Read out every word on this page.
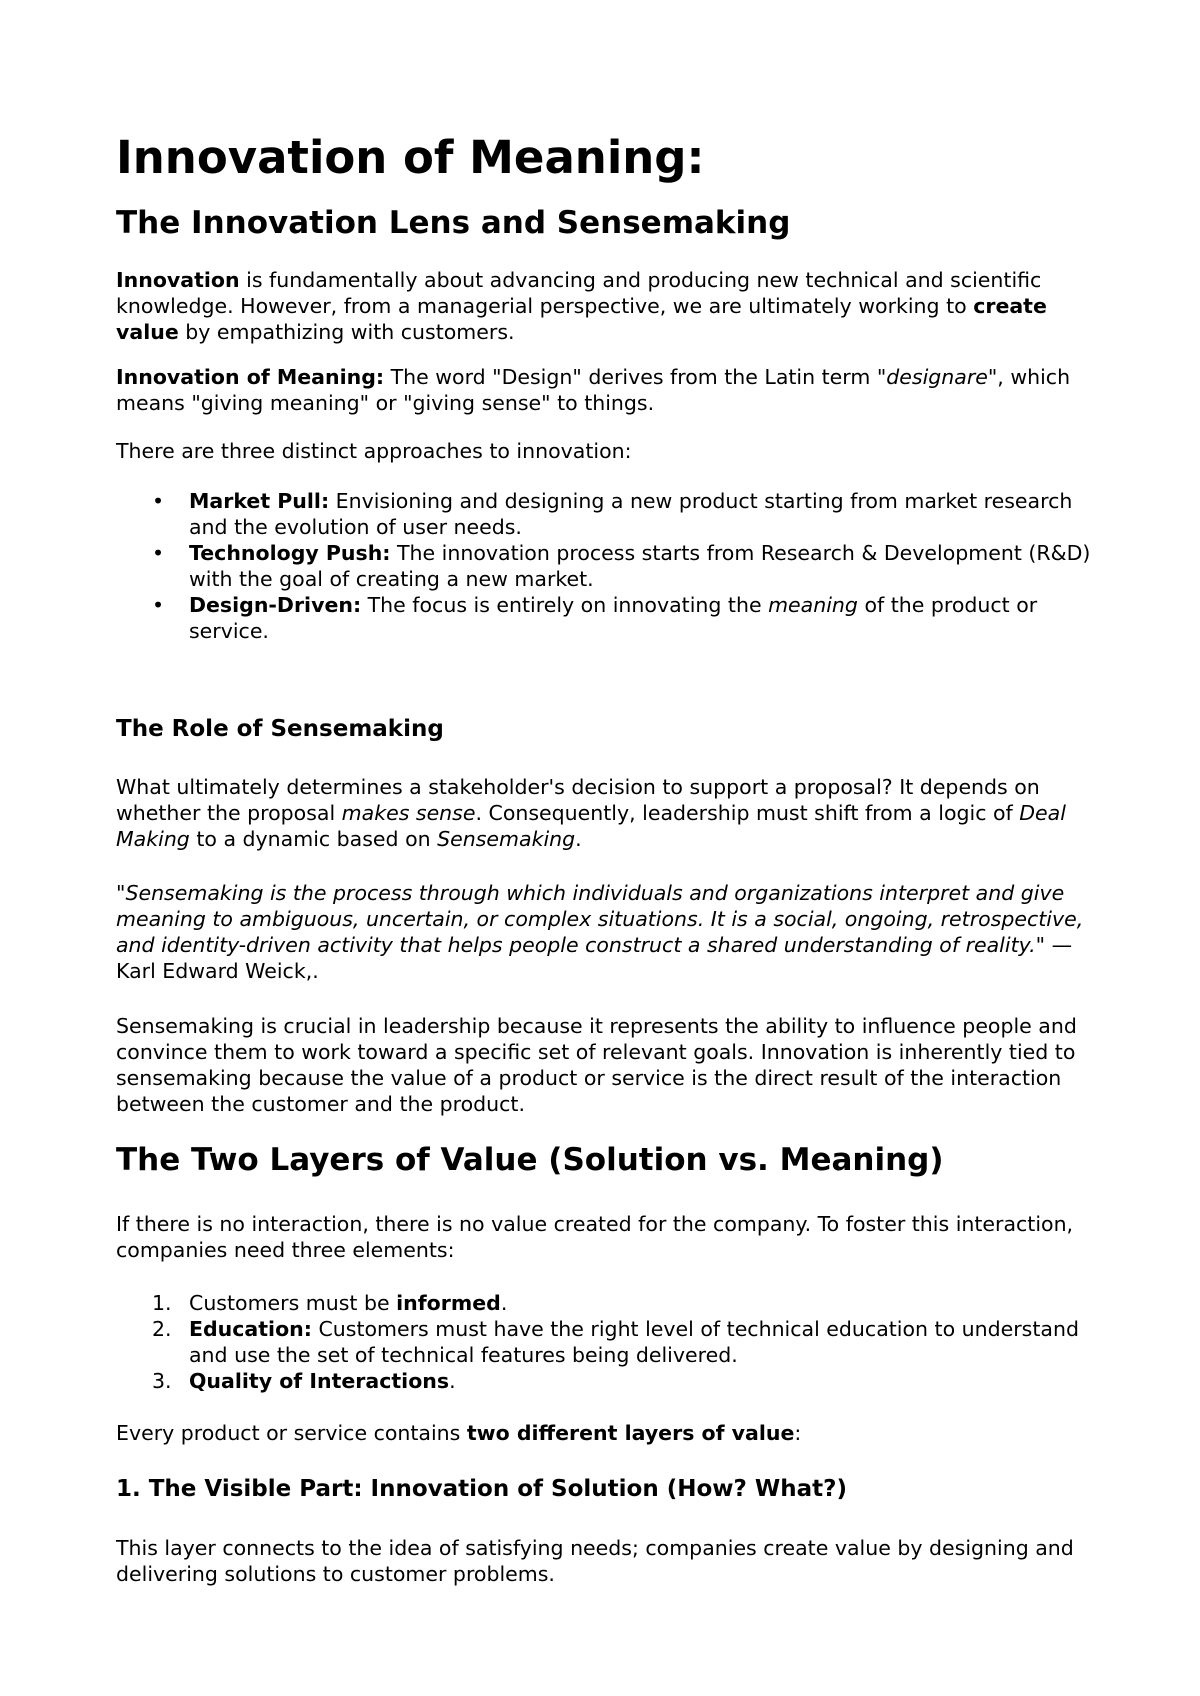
Innovation of Meaning:
The Innovation Lens and Sensemaking
Innovation is fundamentally about advancing and producing new technical and scientific knowledge. However, from a managerial perspective, we are ultimately working to create value by empathizing with customers.
Innovation of Meaning: The word "Design" derives from the Latin term "designare", which means "giving meaning" or "giving sense" to things.
There are three distinct approaches to innovation:
• Market Pull: Envisioning and designing a new product starting from market research and the evolution of user needs.
• Technology Push: The innovation process starts from Research & Development (R&D) with the goal of creating a new market.
• Design-Driven: The focus is entirely on innovating the meaning of the product or service.
The Role of Sensemaking
What ultimately determines a stakeholder's decision to support a proposal? It depends on whether the proposal makes sense. Consequently, leadership must shift from a logic of Deal Making to a dynamic based on Sensemaking.
"Sensemaking is the process through which individuals and organizations interpret and give meaning to ambiguous, uncertain, or complex situations. It is a social, ongoing, retrospective, and identity-driven activity that helps people construct a shared understanding of reality." — Karl Edward Weick,.
Sensemaking is crucial in leadership because it represents the ability to influence people and convince them to work toward a specific set of relevant goals. Innovation is inherently tied to sensemaking because the value of a product or service is the direct result of the interaction between the customer and the product.
The Two Layers of Value (Solution vs. Meaning)
If there is no interaction, there is no value created for the company. To foster this interaction, companies need three elements:
1. Customers must be informed.
2. Education: Customers must have the right level of technical education to understand and use the set of technical features being delivered.
3. Quality of Interactions.
Every product or service contains two different layers of value:
1. The Visible Part: Innovation of Solution (How? What?)
This layer connects to the idea of satisfying needs; companies create value by designing and delivering solutions to customer problems.
